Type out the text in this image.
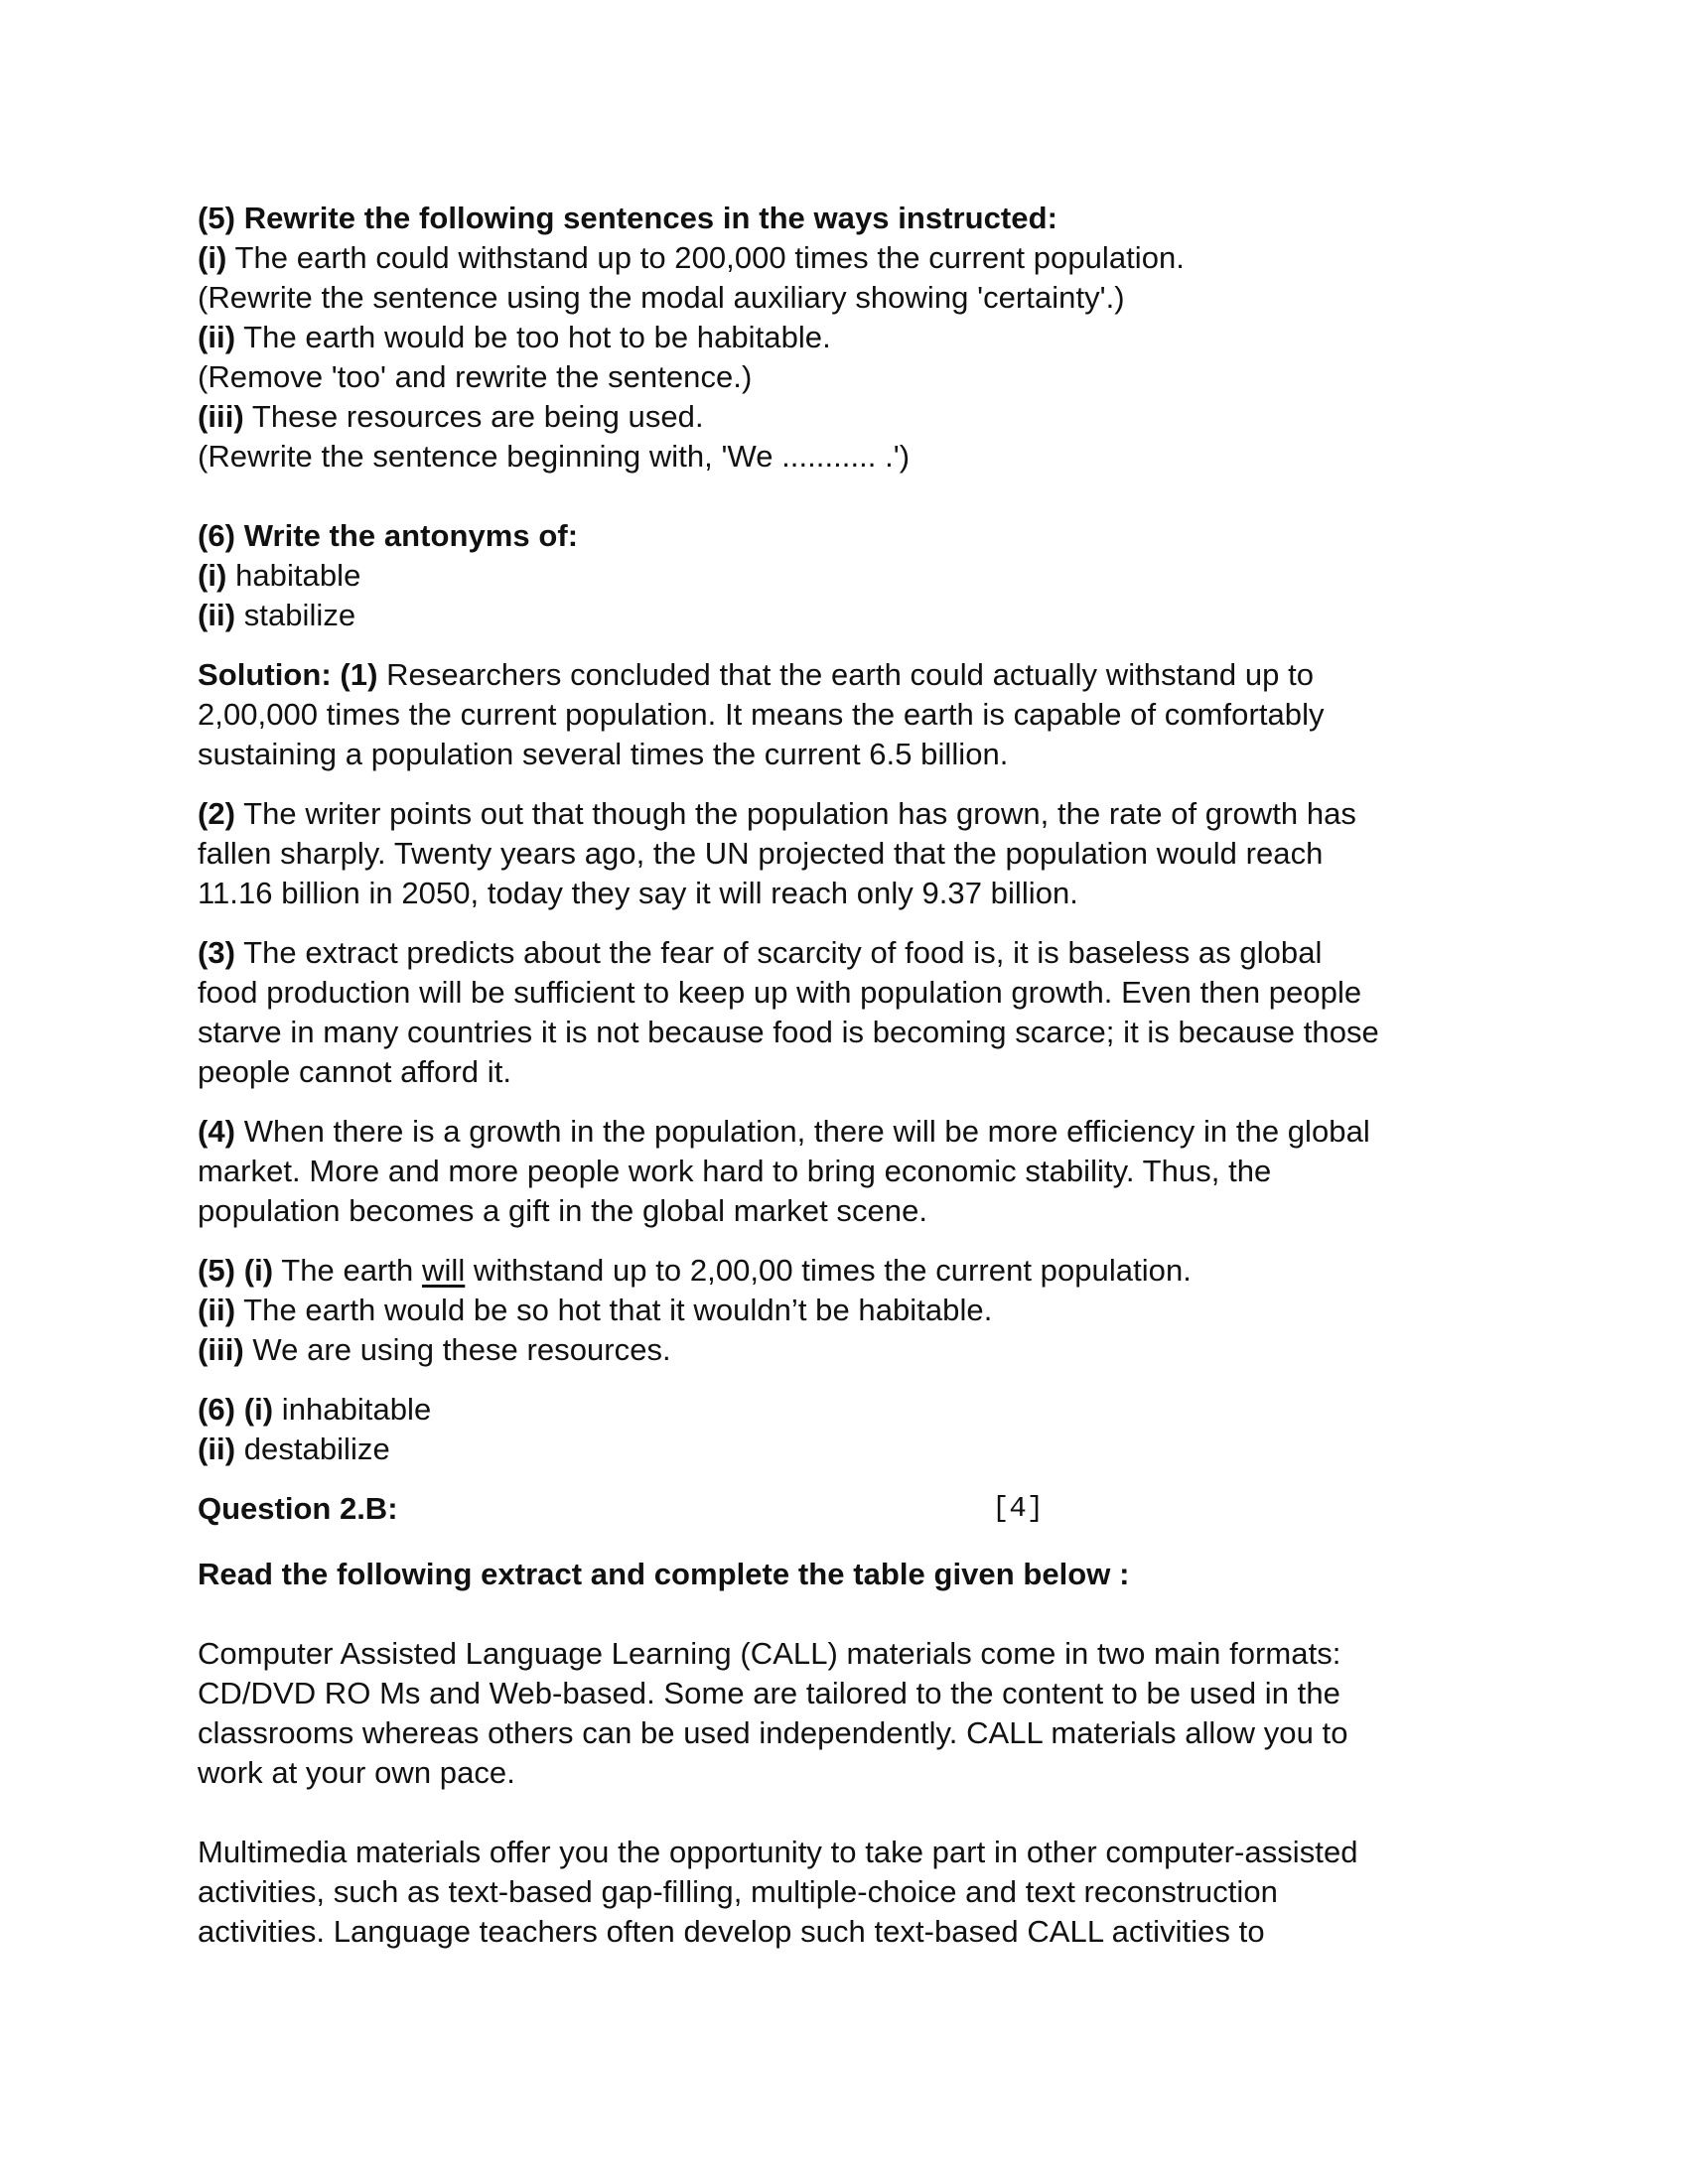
(5) Rewrite the following sentences in the ways instructed:
(i) The earth could withstand up to 200,000 times the current population.
(Rewrite the sentence using the modal auxiliary showing 'certainty'.)
(ii) The earth would be too hot to be habitable.
(Remove 'too' and rewrite the sentence.)
(iii) These resources are being used.
(Rewrite the sentence beginning with, 'We ........... .')
(6) Write the antonyms of:
(i) habitable
(ii) stabilize
Solution: (1) Researchers concluded that the earth could actually withstand up to
2,00,000 times the current population. It means the earth is capable of comfortably
sustaining a population several times the current 6.5 billion.
(2) The writer points out that though the population has grown, the rate of growth has
fallen sharply. Twenty years ago, the UN projected that the population would reach
11.16 billion in 2050, today they say it will reach only 9.37 billion.
(3) The extract predicts about the fear of scarcity of food is, it is baseless as global
food production will be sufficient to keep up with population growth. Even then people
starve in many countries it is not because food is becoming scarce; it is because those
people cannot afford it.
(4) When there is a growth in the population, there will be more efficiency in the global
market. More and more people work hard to bring economic stability. Thus, the
population becomes a gift in the global market scene.
(5) (i) The earth will withstand up to 2,00,00 times the current population.
(ii) The earth would be so hot that it wouldn’t be habitable.
(iii) We are using these resources.
(6) (i) inhabitable
(ii) destabilize
Question 2.B:	[4]
Read the following extract and complete the table given below :
Computer Assisted Language Learning (CALL) materials come in two main formats:
CD/DVD RO Ms and Web-based. Some are tailored to the content to be used in the
classrooms whereas others can be used independently. CALL materials allow you to
work at your own pace.
Multimedia materials offer you the opportunity to take part in other computer-assisted
activities, such as text-based gap-filling, multiple-choice and text reconstruction
activities. Language teachers often develop such text-based CALL activities to
